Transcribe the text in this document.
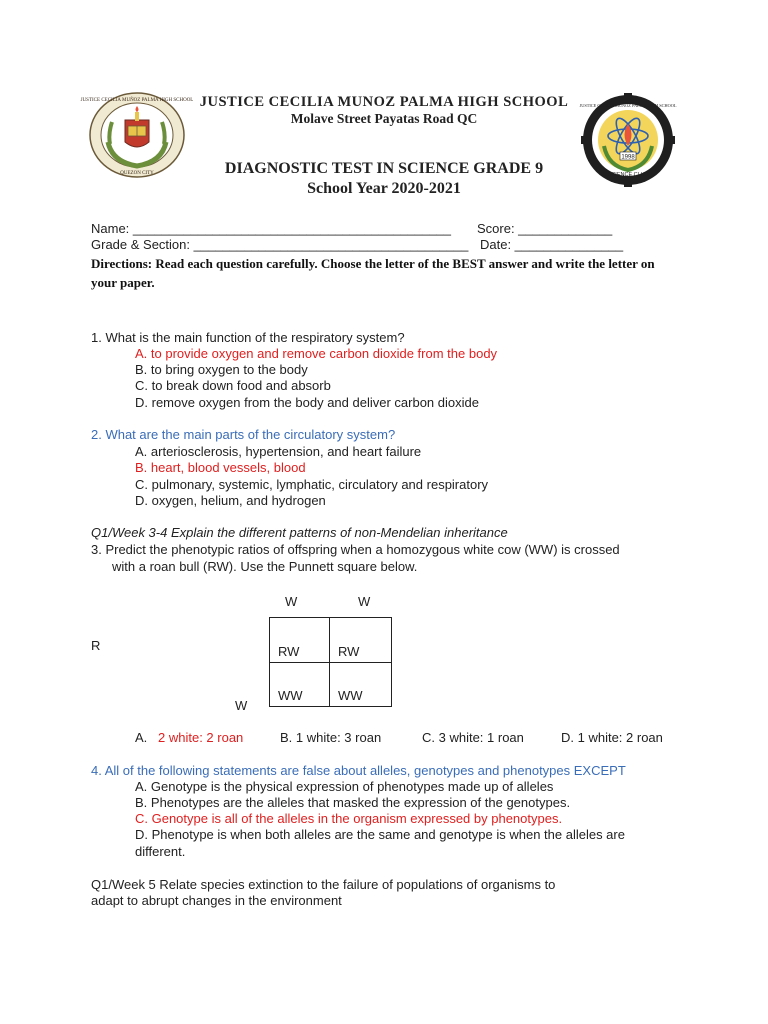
JUSTICE CECILIA MUÑOZ PALMA HIGH SCHOOL
QUEZON CITY
1998
JUSTICE CECILIA MUÑOZ PALMA HIGH SCHOOL
SCIENCE CLUB
JUSTICE CECILIA MUNOZ PALMA HIGH SCHOOL
Molave Street Payatas Road QC
DIAGNOSTIC TEST IN SCIENCE GRADE 9
School Year 2020-2021
Name: ____________________________________________ Score: _____________
Grade & Section: ______________________________________ Date: _______________
Directions: Read each question carefully. Choose the letter of the BEST answer and write the letter on your paper.
1. What is the main function of the respiratory system?
A. to provide oxygen and remove carbon dioxide from the body
B. to bring oxygen to the body
C. to break down food and absorb
D. remove oxygen from the body and deliver carbon dioxide
2. What are the main parts of the circulatory system?
A. arteriosclerosis, hypertension, and heart failure
B. heart, blood vessels, blood
C. pulmonary, systemic, lymphatic, circulatory and respiratory
D. oxygen, helium, and hydrogen
Q1/Week 3-4 Explain the different patterns of non-Mendelian inheritance
3. Predict the phenotypic ratios of offspring when a homozygous white cow (WW) is crossed
with a roan bull (RW). Use the Punnett square below.
W	W
R
W
RW	RW
WW	WW
A. 2 white: 2 roan	B. 1 white: 3 roan	C. 3 white: 1 roan	D. 1 white: 2 roan
4. All of the following statements are false about alleles, genotypes and phenotypes EXCEPT
A. Genotype is the physical expression of phenotypes made up of alleles
B. Phenotypes are the alleles that masked the expression of the genotypes.
C. Genotype is all of the alleles in the organism expressed by phenotypes.
D. Phenotype is when both alleles are the same and genotype is when the alleles are
different.
Q1/Week 5 Relate species extinction to the failure of populations of organisms to
adapt to abrupt changes in the environment
